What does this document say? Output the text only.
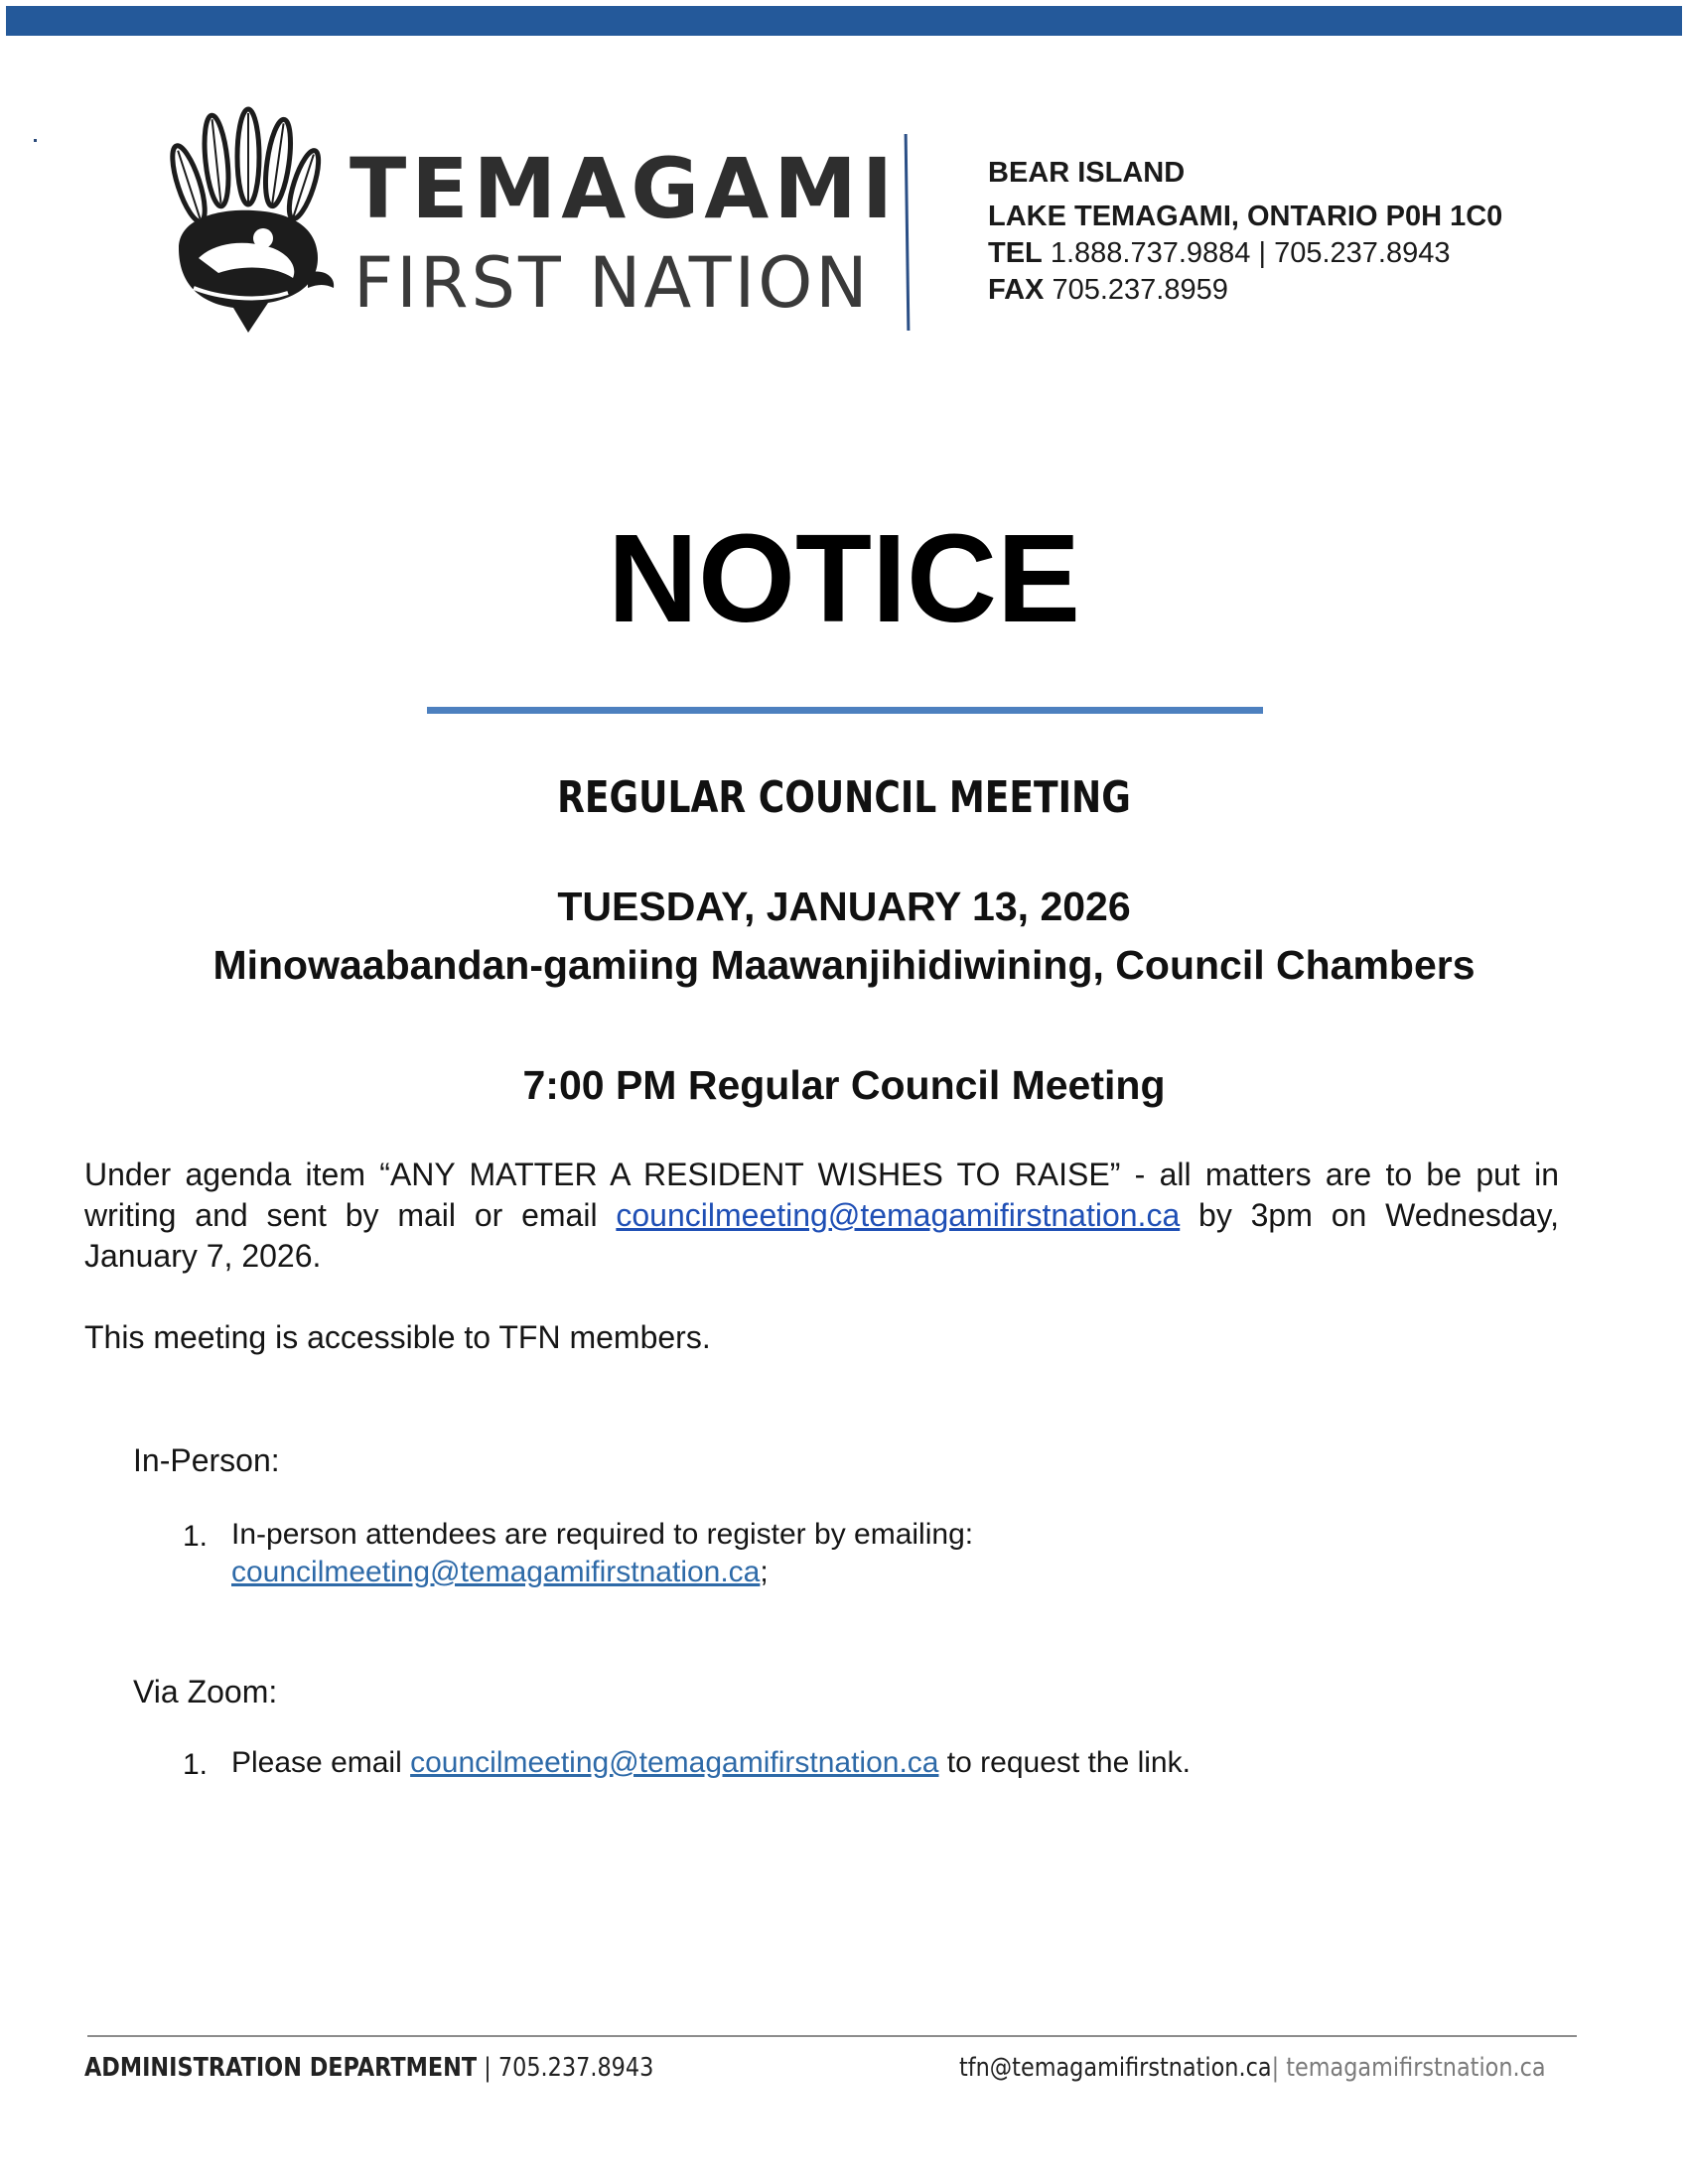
TEMAGAMI
FIRST NATION
BEAR ISLAND
LAKE TEMAGAMI, ONTARIO P0H 1C0
TEL 1.888.737.9884 | 705.237.8943
FAX 705.237.8959
NOTICE
REGULAR COUNCIL MEETING
TUESDAY, JANUARY 13, 2026
Minowaabandan-gamiing Maawanjihidiwining, Council Chambers
7:00 PM Regular Council Meeting
Under agenda item “ANY MATTER A RESIDENT WISHES TO RAISE” - all matters are to be put in writing and sent by mail or email councilmeeting@temagamifirstnation.ca by 3pm on Wednesday, January 7, 2026.
This meeting is accessible to TFN members.
In-Person:
1. In-person attendees are required to register by emailing:
councilmeeting@temagamifirstnation.ca;
Via Zoom:
1. Please email councilmeeting@temagamifirstnation.ca to request the link.
ADMINISTRATION DEPARTMENT | 705.237.8943	tfn@temagamifirstnation.ca| temagamifirstnation.ca
